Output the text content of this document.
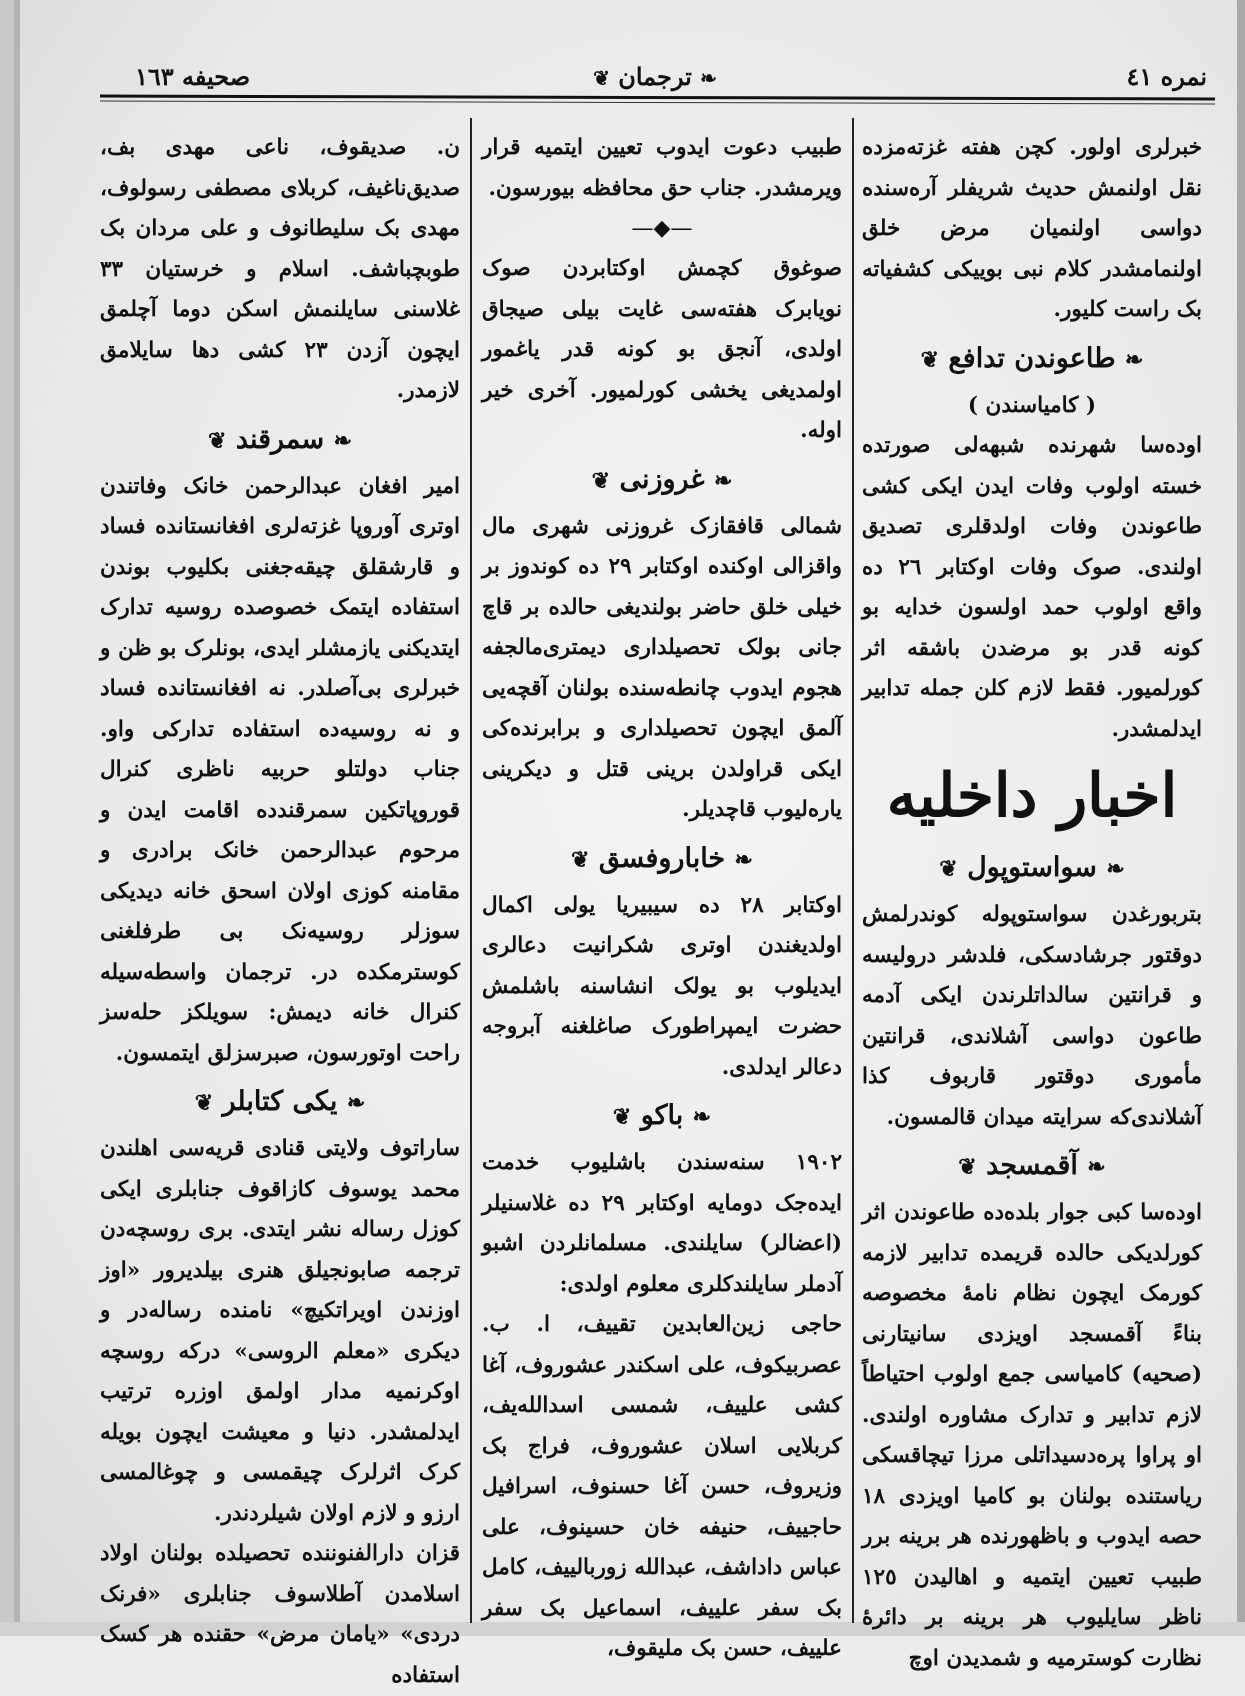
صحيفه ١٦٣	❧ ترجمان ❦	نمره ٤١

خبرلری اولور. کچن هفته غزته‌مزده نقل اولنمش حدیث شریفلر آره‌سنده دواسی اولنمیان مرض خلق اولنمامشدر کلام نبی بوییکی کشفیاته بک راست کلیور.

❧ طاعوندن تدافع ❦

( کامیاسندن )

اوده‌سا شهرنده شبهه‌لی صورتده خسته اولوب وفات ایدن ایکی کشی طاعوندن وفات اولدقلری تصدیق اولندی. صوک وفات اوکتابر ٢٦ ده واقع اولوب حمد اولسون خدایه بو کونه قدر بو مرضدن باشقه اثر کورلمیور. فقط لازم کلن جمله تدابیر ایدلمشدر.

اخبار داخلیه
❧ سواستوپول ❦

بتربورغدن سواستوپوله کوندرلمش دوقتور جرشادسکی، فلدشر درولیسه و قرانتین سالداتلرندن ایکی آدمه طاعون دواسی آشلاندی، قرانتین مأموری دوقتور قاربوف کذا آشلاندی‌که سرایته میدان قالمسون.

❧ آقمسجد ❦

اوده‌سا کبی جوار بلده‌ده طاعوندن اثر کورلدیکی حالده قریمده تدابیر لازمه کورمک ایچون نظام نامهٔ مخصوصه بناءً آقمسجد اویزدی سانیتارنی (صحیه) کامیاسی جمع اولوب احتیاطاً لازم تدابیر و تدارک مشاوره اولندی. او پراوا پره‌دسیداتلی‌ مرزا تیچاقسکی ریاستنده بولنان بو کامیا اویزدی ١٨ حصه ایدوب و باظهورنده هر برینه برر طبیب تعیین ایتمیه و اهالیدن ١٢٥ ناظر سایلیوب هر برینه بر دائرهٔ نظارت کوسترمیه و شمدیدن اوچ

طبیب دعوت ایدوب تعیین ایتمیه قرار ویرمشدر. جناب حق محافظه بیورسون.

—◆—

صوغوق کچمش اوکتابردن صوک نویابرک هفته‌سی غایت بیلی صیجاق اولدی، آنجق بو کونه قدر یاغمور اولمدیغی یخشی کورلمیور. آخری خیر اوله.

❧ غروزنی ❦

شمالی قافقازک غروزنی شهری مال واقزالی اوکنده اوکتابر ٢٩ ده کوندوز بر خیلی خلق حاضر بولندیغی حالده بر قاچ جانی بولک تحصیلداری دیمتری‌مالجفه هجوم ایدوب چانطه‌سنده بولنان آقچه‌یی آلمق ایچون تحصیلداری و برابرنده‌کی ایکی قراولدن برینی قتل و دیکرینی یاره‌لیوب قاچدیلر.

❧ خاباروفسق ❦

اوکتابر ٢٨ ده سیبیریا یولی اکمال اولدیغندن اوتری شکرانیت دعالری ایدیلوب بو یولک انشاسنه باشلمش حضرت ایمپراطورک صاغلغنه آبروجه دعالر ایدلدی.

❧ باکو ❦

١٩٠٢ سنه‌سندن باشلیوب خدمت ایده‌جک دومایه اوکتابر ٢٩ ده غلاسنیلر (اعضالر) سایلندی. مسلمانلردن اشبو آدملر سایلندکلری معلوم اولدی:

حاجی زین‌العابدین تقییف، ا. ب. عصربیکوف، علی اسکندر عشوروف، آغا کشی علییف، شمسی اسدالله‌یف، کربلایی اسلان عشوروف، فراج بک وزیروف، حسن آغا حسنوف، اسرافیل حاجییف، حنیفه خان حسینوف، علی عباس داداشف، عبدالله زوربالییف، کامل بک سفر علییف، اسماعیل بک سفر علییف، حسن بک ملیقوف،

ن. صدیقوف، ناعی مهدی بف، صدیق‌ناغیف، کربلای مصطفی رسولوف، مهدی بک سلیطانوف و علی مردان بک طوبچباشف. اسلام و خرستیان ٣٣ غلاسنی سایلنمش اسکن دوما آچلمق ایچون آزدن ٢٣ کشی دها سایلامق لازمدر.

❧ سمرقند ❦

امیر افغان عبدالرحمن خانک وفاتندن اوتری آوروپا غزته‌لری افغانستانده فساد و قارشقلق چیقه‌جغنی بکلیوب بوندن استفاده ایتمک خصوصده روسیه تدارک ایتدیکنی یازمشلر ایدی، بونلرک بو ظن و خبرلری بی‌آصلدر. نه افغانستانده فساد و نه روسیه‌ده استفاده تدارکی واو. جناب دولتلو حربیه ناظری کنرال قوروپاتکین سمرقندده اقامت ایدن و مرحوم عبدالرحمن خانک برادری و مقامنه کوزی اولان اسحق خانه دیدیکی سوزلر روسیه‌نک بی طرفلغنی کوسترمکده در. ترجمان واسطه‌سیله کنرال خانه دیمش: سویلکز حله‌سز راحت اوتورسون، صبرسزلق ایتمسون.

❧ یکی کتابلر ❦

ساراتوف ولایتی قنادی قریه‌سی اهلندن محمد یوسوف کازاقوف جنابلری ایکی کوزل رساله نشر ایتدی. بری روسچه‌دن ترجمه صابونجیلق هنری بیلدیرور «اوز اوزندن اویراتکیچ» نامنده رساله‌در و دیکری «معلم الروسی» درکه روسچه اوکرنمیه مدار اولمق اوزره ترتیب ایدلمشدر. دنیا و معیشت ایچون بویله کرک اثرلرک چیقمسی و چوغالمسی ارزو و لازم اولان شیلردندر.

قزان دارالفنوننده تحصیلده بولنان اولاد اسلامدن آطلاسوف جنابلری «فرنک دردی» «یامان مرض» حقنده هر کسک استفاده
